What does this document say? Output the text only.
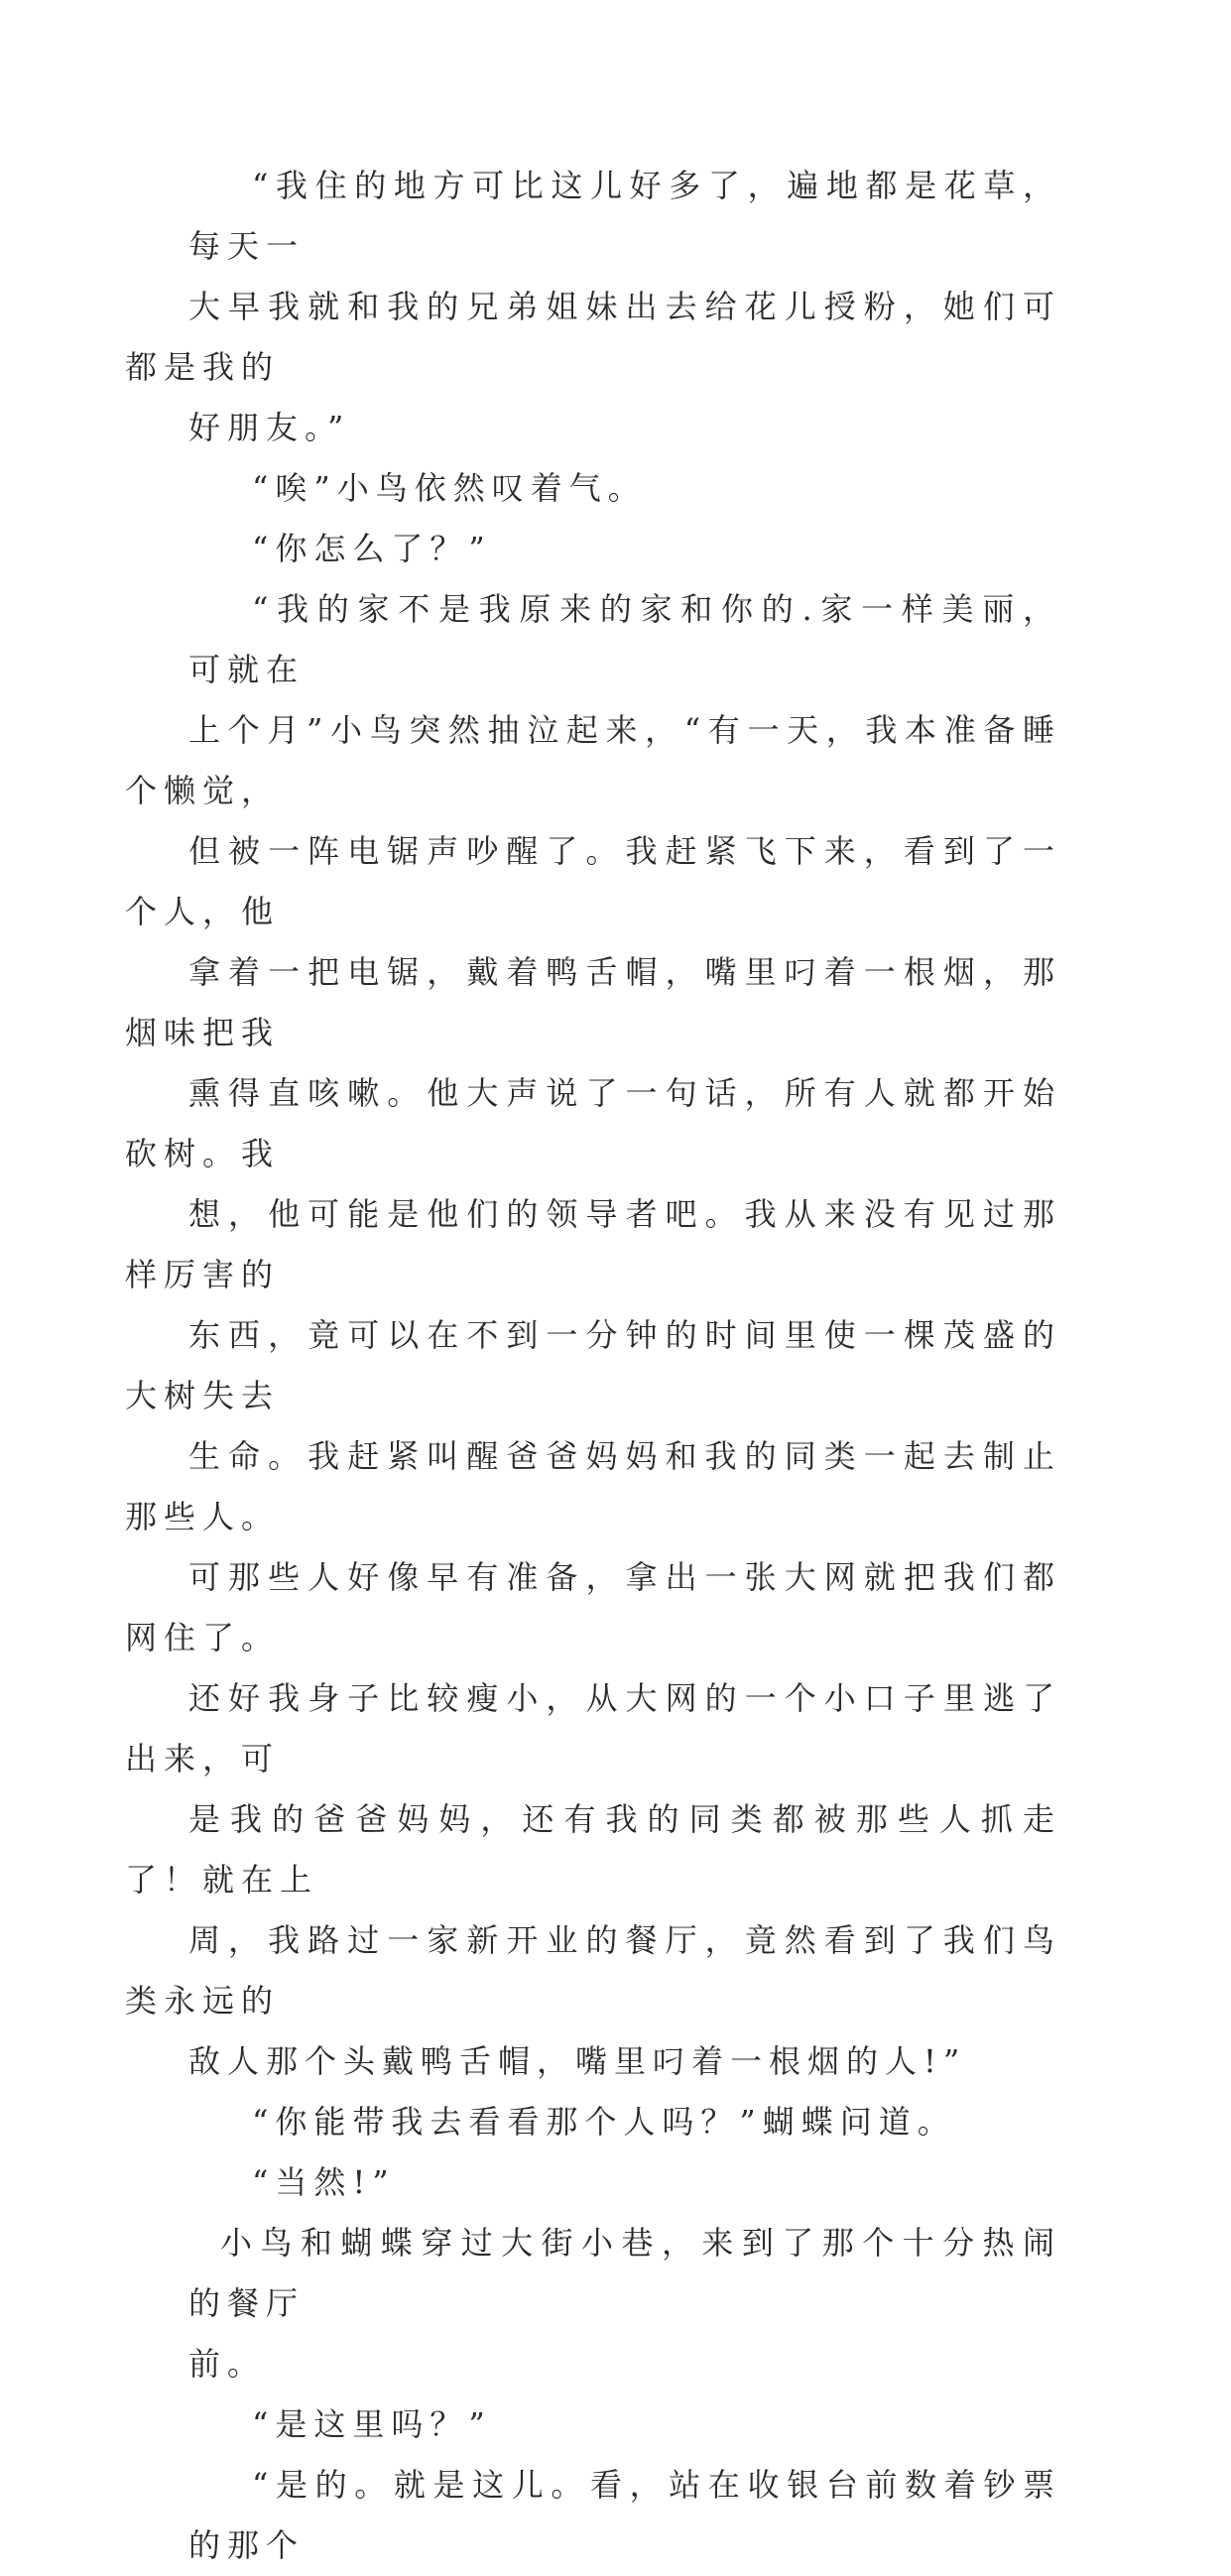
“我住的地方可比这儿好多了，遍地都是花草，每天一
大早我就和我的兄弟姐妹出去给花儿授粉，她们可都是我的
好朋友。”

“唉”小鸟依然叹着气。

“你怎么了？”

“我的家不是我原来的家和你的.家一样美丽，可就在
上个月”小鸟突然抽泣起来，“有一天，我本准备睡个懒觉，
但被一阵电锯声吵醒了。我赶紧飞下来，看到了一个人，他
拿着一把电锯，戴着鸭舌帽，嘴里叼着一根烟，那烟味把我
熏得直咳嗽。他大声说了一句话，所有人就都开始砍树。我
想，他可能是他们的领导者吧。我从来没有见过那样厉害的
东西，竟可以在不到一分钟的时间里使一棵茂盛的大树失去
生命。我赶紧叫醒爸爸妈妈和我的同类一起去制止那些人。
可那些人好像早有准备，拿出一张大网就把我们都网住了。
还好我身子比较瘦小，从大网的一个小口子里逃了出来，可
是我的爸爸妈妈，还有我的同类都被那些人抓走了！就在上
周，我路过一家新开业的餐厅，竟然看到了我们鸟类永远的
敌人那个头戴鸭舌帽，嘴里叼着一根烟的人!”

“你能带我去看看那个人吗？”蝴蝶问道。

“当然!”

小鸟和蝴蝶穿过大街小巷，来到了那个十分热闹的餐厅
前。

“是这里吗？”

“是的。就是这儿。看，站在收银台前数着钞票的那个
